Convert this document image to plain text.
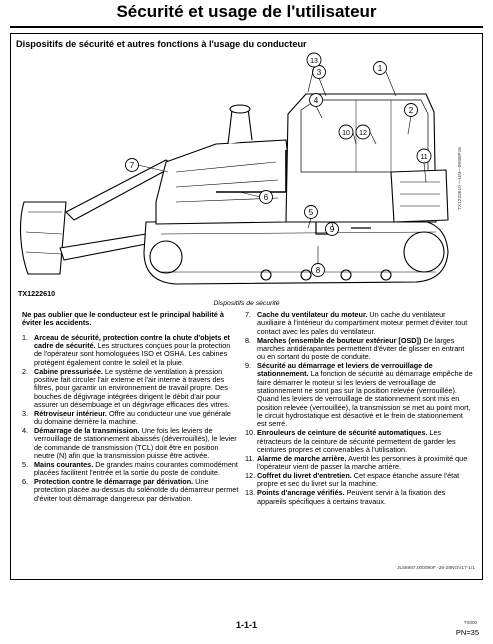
Sécurité et usage de l'utilisateur
Dispositifs de sécurité et autres fonctions à l'usage du conducteur
1
2
3
4
5
6
7
8
9
10
11
12
13
TX1222610
TX1222610 —UN—09SEP16
Dispositifs de sécurité
Ne pas oublier que le conducteur est le principal habilité à éviter les accidents.
1. Arceau de sécurité, protection contre la chute d'objets et cadre de sécurité. Les structures conçues pour la protection de l'opérateur sont homologuées ISO et OSHA. Les cabines protègent également contre le soleil et la pluie.
2. Cabine pressurisée. Le système de ventilation à pression positive fait circuler l'air externe et l'air interne à travers des filtres, pour garantir un environnement de travail propre. Des bouches de dégivrage intégrées dirigent le débit d'air pour assurer un désembuage et un dégivrage efficaces des vitres.
3. Rétroviseur intérieur. Offre au conducteur une vue générale du domaine derrière la machine.
4. Démarrage de la transmission. Une fois les leviers de verrouillage de stationnement abaissés (déverrouillés), le levier de commande de transmission (TCL) doit être en position neutre (N) afin que la transmission puisse être activée.
5. Mains courantes. De grandes mains courantes commodément placées facilitent l'entrée et la sortie du poste de conduite.
6. Protection contre le démarrage par dérivation. Une protection placée au-dessus du solénoïde du démarreur permet d'éviter tout démarrage dangereux par dérivation.
7. Cache du ventilateur du moteur. Un cache du ventilateur auxiliaire à l'intérieur du compartiment moteur permet d'éviter tout contact avec les pales du ventilateur.
8. Marches (ensemble de bouteur extérieur [OSD]) De larges marches antidérapantes permettent d'éviter de glisser en entrant ou en sortant du poste de conduite.
9. Sécurité au démarrage et leviers de verrouillage de stationnement. La fonction de sécurité au démarrage empêche de faire démarrer le moteur si les leviers de verrouillage de stationnement ne sont pas sur la position relevée (verrouillée). Quand les leviers de verrouillage de stationnement sont mis en position relevée (verrouillée), la transmission se met au point mort, le circuit hydrostatique est désactivé et le frein de stationnement est serré.
10. Enrouleurs de ceinture de sécurité automatiques. Les rétracteurs de la ceinture de sécurité permettent de garder les ceintures propres et convenables à l'utilisation.
11. Alarme de marche arrière. Avertit les personnes à proximité que l'opérateur vient de passer la marche arrière.
12. Coffret du livret d'entretien. Cet espace étanche assure l'état propre et sec du livret sur la machine.
13. Points d'ancrage vérifiés. Peuvent servir à la fixation des appareils spécifiques à certains travaux.
JL56987,000090F -28-28NOV17-1/1
1-1-1	TX000
PN=35
